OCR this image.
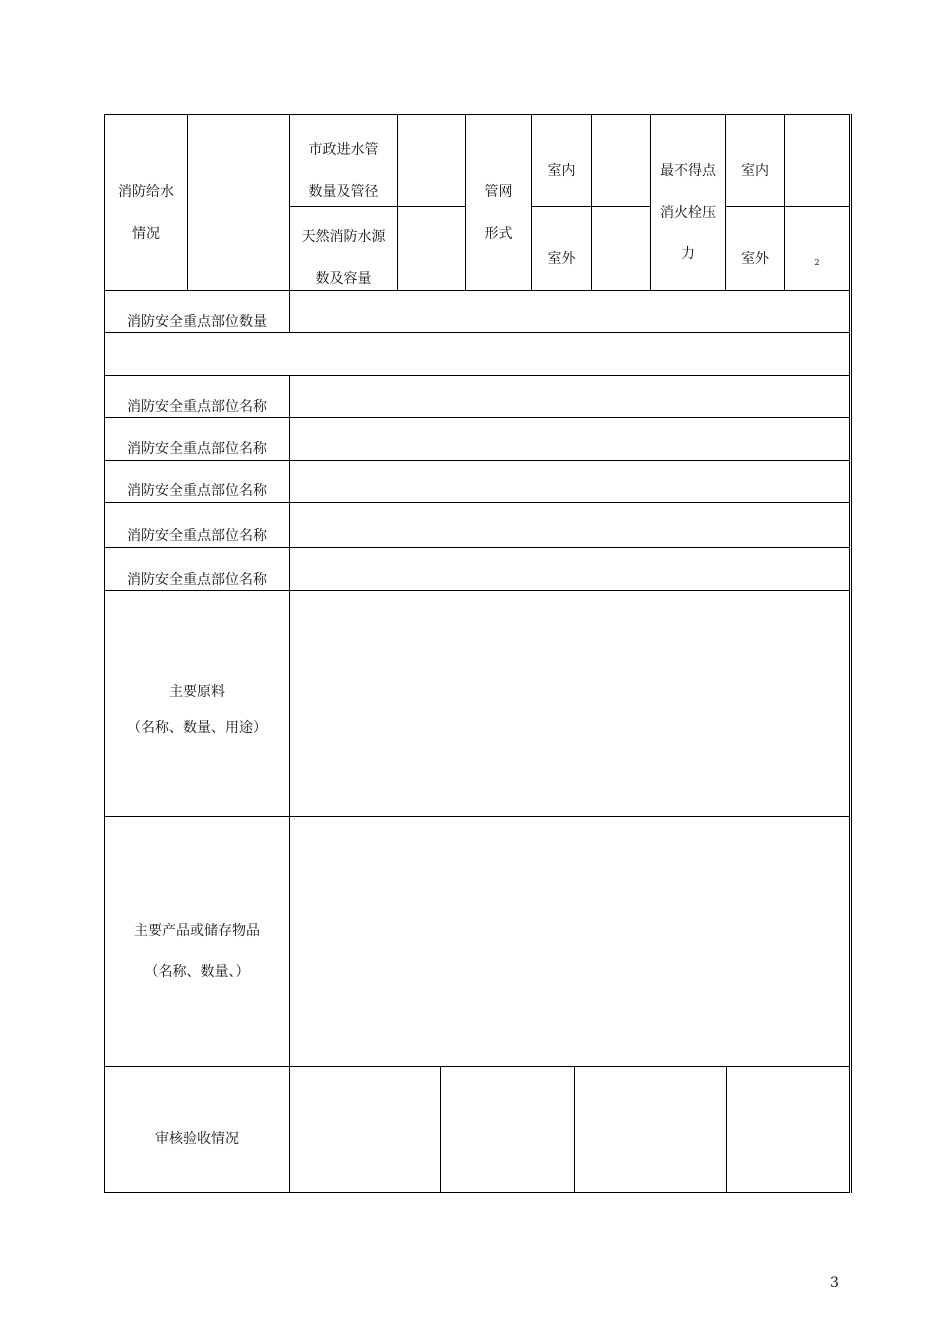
消防给水
情况
市政进水管
数量及管径
天然消防水源
数及容量
管网
形式
室内
室外
最不得点
消火栓压
力
室内
室外	2
消防安全重点部位数量
消防安全重点部位名称
消防安全重点部位名称
消防安全重点部位名称
消防安全重点部位名称
消防安全重点部位名称
主要原料
（名称、数量、用途）
主要产品或储存物品
（名称、数量、）
审核验收情况
3
